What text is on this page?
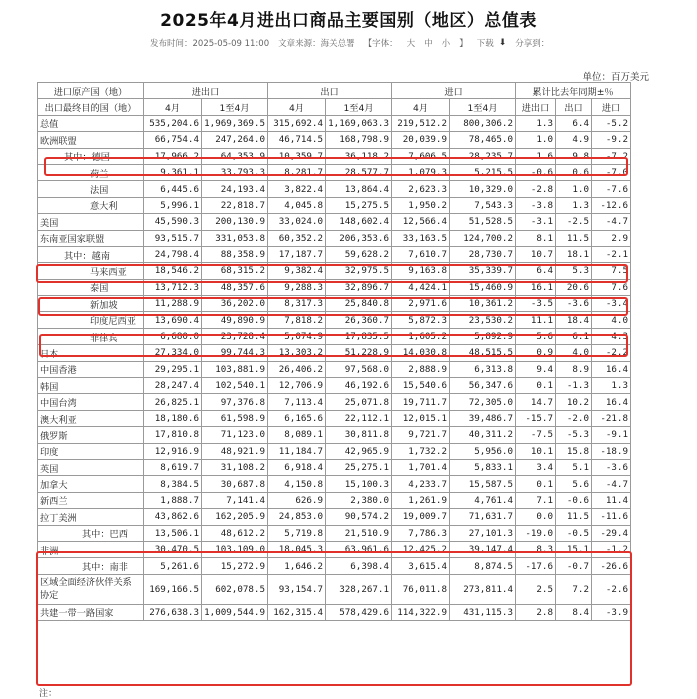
2025年4月进出口商品主要国别（地区）总值表
发布时间：2025-05-09 11:00 文章来源：海关总署 【字体： 大 中 小 】 下载 ⬇ 分享到：
单位：百万美元
进口原产国（地）	进出口		出口		进口		累计比去年同期±％		
出口最终目的国（地）	4月	1至4月	4月	1至4月	4月	1至4月	进出口	出口	进口
总值	535,204.6	1,969,369.5	315,692.4	1,169,063.3	219,512.2	800,306.2	1.3	6.4	-5.2
欧洲联盟	66,754.4	247,264.0	46,714.5	168,798.9	20,039.9	78,465.0	1.0	4.9	-9.2
其中：德国	17,966.2	64,353.9	10,359.7	36,118.2	7,606.5	28,235.7	1.6	9.8	-7.2
荷兰	9,361.1	33,793.3	8,281.7	28,577.7	1,079.3	5,215.5	-0.6	0.6	-7.0
法国	6,445.6	24,193.4	3,822.4	13,864.4	2,623.3	10,329.0	-2.8	1.0	-7.6
意大利	5,996.1	22,818.7	4,045.8	15,275.5	1,950.2	7,543.3	-3.8	1.3	-12.6
美国	45,590.3	200,130.9	33,024.0	148,602.4	12,566.4	51,528.5	-3.1	-2.5	-4.7
东南亚国家联盟	93,515.7	331,053.8	60,352.2	206,353.6	33,163.5	124,700.2	8.1	11.5	2.9
其中：越南	24,798.4	88,358.9	17,187.7	59,628.2	7,610.7	28,730.7	10.7	18.1	-2.1
马来西亚	18,546.2	68,315.2	9,382.4	32,975.5	9,163.8	35,339.7	6.4	5.3	7.5
泰国	13,712.3	48,357.6	9,288.3	32,896.7	4,424.1	15,460.9	16.1	20.6	7.6
新加坡	11,288.9	36,202.0	8,317.3	25,840.8	2,971.6	10,361.2	-3.5	-3.6	-3.4
印度尼西亚	13,690.4	49,890.9	7,818.2	26,360.7	5,872.3	23,530.2	11.1	18.4	4.0
菲律宾	6,680.0	23,728.4	5,074.9	17,835.5	1,605.2	5,892.9	5.6	6.1	4.3
日本	27,334.0	99,744.3	13,303.2	51,228.9	14,030.8	48,515.5	0.9	4.0	-2.2
中国香港	29,295.1	103,881.9	26,406.2	97,568.0	2,888.9	6,313.8	9.4	8.9	16.4
韩国	28,247.4	102,540.1	12,706.9	46,192.6	15,540.6	56,347.6	0.1	-1.3	1.3
中国台湾	26,825.1	97,376.8	7,113.4	25,071.8	19,711.7	72,305.0	14.7	10.2	16.4
澳大利亚	18,180.6	61,598.9	6,165.6	22,112.1	12,015.1	39,486.7	-15.7	-2.0	-21.8
俄罗斯	17,810.8	71,123.0	8,089.1	30,811.8	9,721.7	40,311.2	-7.5	-5.3	-9.1
印度	12,916.9	48,921.9	11,184.7	42,965.9	1,732.2	5,956.0	10.1	15.8	-18.9
英国	8,619.7	31,108.2	6,918.4	25,275.1	1,701.4	5,833.1	3.4	5.1	-3.6
加拿大	8,384.5	30,687.8	4,150.8	15,100.3	4,233.7	15,587.5	0.1	5.6	-4.7
新西兰	1,888.7	7,141.4	626.9	2,380.0	1,261.9	4,761.4	7.1	-0.6	11.4
拉丁美洲	43,862.6	162,205.9	24,853.0	90,574.2	19,009.7	71,631.7	0.0	11.5	-11.6
其中：巴西	13,506.1	48,612.2	5,719.8	21,510.9	7,786.3	27,101.3	-19.0	-0.5	-29.4
非洲	30,470.5	103,109.0	18,045.3	63,961.6	12,425.2	39,147.4	8.3	15.1	-1.2
其中：南非	5,261.6	15,272.9	1,646.2	6,398.4	3,615.4	8,874.5	-17.6	-0.7	-26.6
区域全面经济伙伴关系协定	169,166.5	602,078.5	93,154.7	328,267.1	76,011.8	273,811.4	2.5	7.2	-2.6
共建一带一路国家	276,638.3	1,009,544.9	162,315.4	578,429.6	114,322.9	431,115.3	2.8	8.4	-3.9
注：
